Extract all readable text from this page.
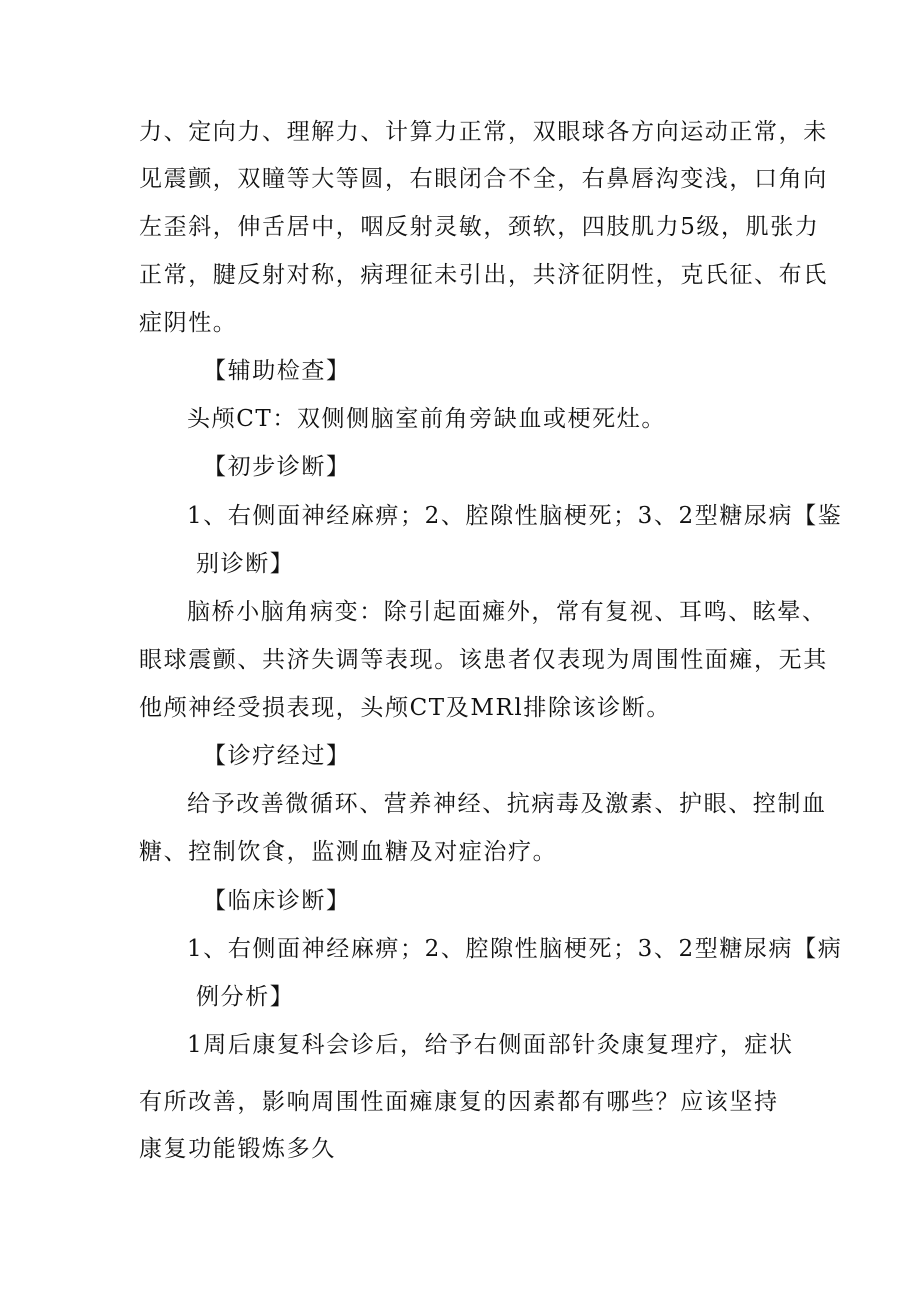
力、定向力、理解力、计算力正常，双眼球各方向运动正常，未
见震颤，双瞳等大等圆，右眼闭合不全，右鼻唇沟变浅，口角向
左歪斜，伸舌居中，咽反射灵敏，颈软，四肢肌力5级，肌张力
正常，腱反射对称，病理征未引出，共济征阴性，克氏征、布氏
症阴性。
【辅助检查】
头颅CT：双侧侧脑室前角旁缺血或梗死灶。
【初步诊断】
1、右侧面神经麻痹；2、腔隙性脑梗死；3、2型糖尿病【鉴
别诊断】
脑桥小脑角病变：除引起面瘫外，常有复视、耳鸣、眩晕、
眼球震颤、共济失调等表现。该患者仅表现为周围性面瘫，无其
他颅神经受损表现，头颅CT及MRl排除该诊断。
【诊疗经过】
给予改善微循环、营养神经、抗病毒及激素、护眼、控制血
糖、控制饮食，监测血糖及对症治疗。
【临床诊断】
1、右侧面神经麻痹；2、腔隙性脑梗死；3、2型糖尿病【病
例分析】
1周后康复科会诊后，给予右侧面部针灸康复理疗，症状
有所改善，影响周围性面瘫康复的因素都有哪些？应该坚持
康复功能锻炼多久
